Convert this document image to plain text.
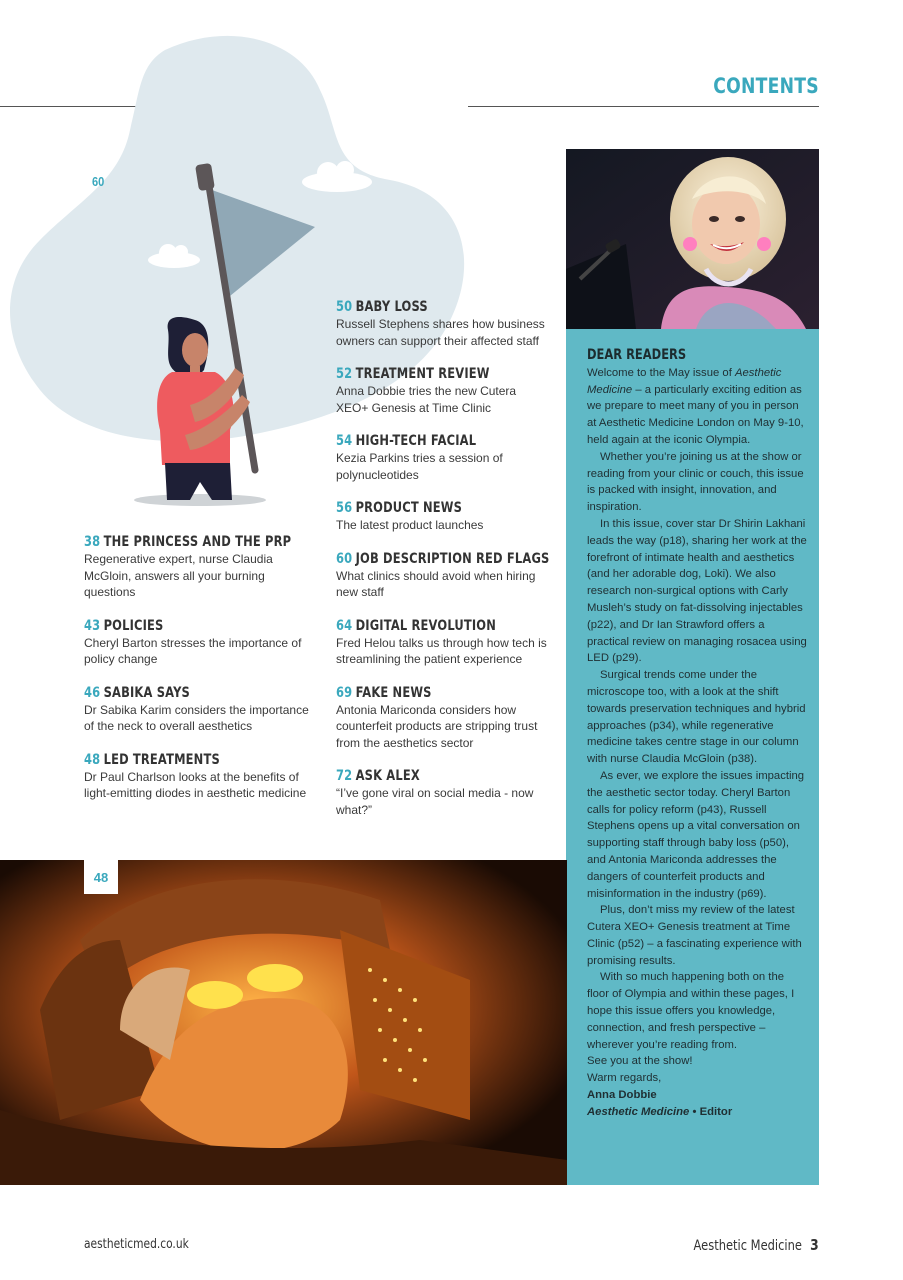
CONTENTS
60
38 THE PRINCESS AND THE PRP
Regenerative expert, nurse Claudia McGloin, answers all your burning questions
43 POLICIES
Cheryl Barton stresses the importance of policy change
46 SABIKA SAYS
Dr Sabika Karim considers the importance of the neck to overall aesthetics
48 LED TREATMENTS
Dr Paul Charlson looks at the benefits of light-emitting diodes in aesthetic medicine
50 BABY LOSS
Russell Stephens shares how business owners can support their affected staff
52 TREATMENT REVIEW
Anna Dobbie tries the new Cutera XEO+ Genesis at Time Clinic
54 HIGH-TECH FACIAL
Kezia Parkins tries a session of polynucleotides
56 PRODUCT NEWS
The latest product launches
60 JOB DESCRIPTION RED FLAGS
What clinics should avoid when hiring new staff
64 DIGITAL REVOLUTION
Fred Helou talks us through how tech is streamlining the patient experience
69 FAKE NEWS
Antonia Mariconda considers how counterfeit products are stripping trust from the aesthetics sector
72 ASK ALEX
“I’ve gone viral on social media - now what?”
DEAR READERS

Welcome to the May issue of Aesthetic Medicine – a particularly exciting edition as we prepare to meet many of you in person at Aesthetic Medicine London on May 9-10, held again at the iconic Olympia.

Whether you’re joining us at the show or reading from your clinic or couch, this issue is packed with insight, innovation, and inspiration.

In this issue, cover star Dr Shirin Lakhani leads the way (p18), sharing her work at the forefront of intimate health and aesthetics (and her adorable dog, Loki). We also research non-surgical options with Carly Musleh’s study on fat-dissolving injectables (p22), and Dr Ian Strawford offers a practical review on managing rosacea using LED (p29).

Surgical trends come under the microscope too, with a look at the shift towards preservation techniques and hybrid approaches (p34), while regenerative medicine takes centre stage in our column with nurse Claudia McGloin (p38).

As ever, we explore the issues impacting the aesthetic sector today. Cheryl Barton calls for policy reform (p43), Russell Stephens opens up a vital conversation on supporting staff through baby loss (p50), and Antonia Mariconda addresses the dangers of counterfeit products and misinformation in the industry (p69).

Plus, don’t miss my review of the latest Cutera XEO+ Genesis treatment at Time Clinic (p52) – a fascinating experience with promising results.

With so much happening both on the floor of Olympia and within these pages, I hope this issue offers you knowledge, connection, and fresh perspective – wherever you’re reading from.

See you at the show!

Warm regards,

Anna Dobbie

Aesthetic Medicine • Editor

48
aestheticmed.co.uk	Aesthetic Medicine 3
